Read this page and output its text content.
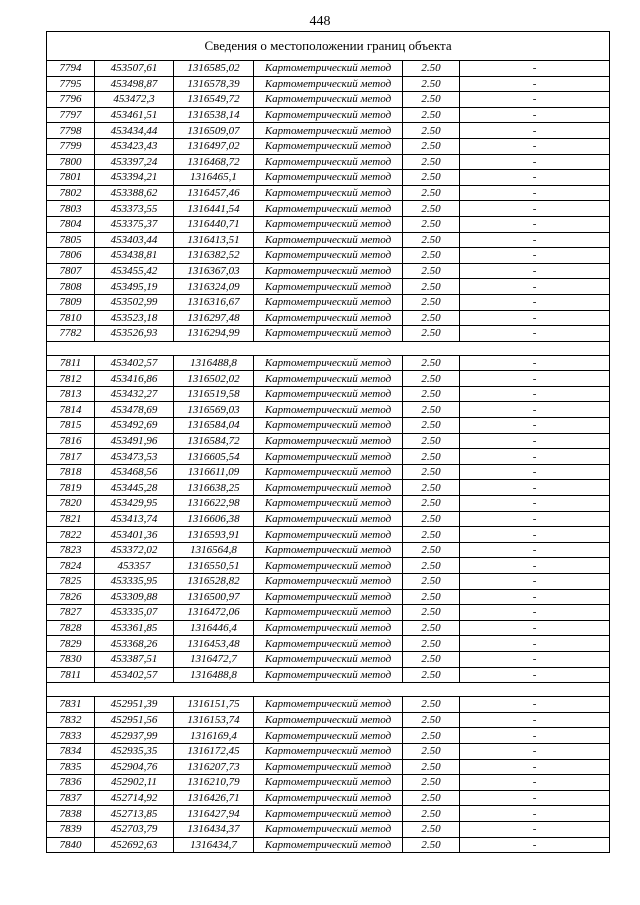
448
Сведения о местоположении границ объекта					
7794	453507,61	1316585,02	Картометрический метод	2.50	-
7795	453498,87	1316578,39	Картометрический метод	2.50	-
7796	453472,3	1316549,72	Картометрический метод	2.50	-
7797	453461,51	1316538,14	Картометрический метод	2.50	-
7798	453434,44	1316509,07	Картометрический метод	2.50	-
7799	453423,43	1316497,02	Картометрический метод	2.50	-
7800	453397,24	1316468,72	Картометрический метод	2.50	-
7801	453394,21	1316465,1	Картометрический метод	2.50	-
7802	453388,62	1316457,46	Картометрический метод	2.50	-
7803	453373,55	1316441,54	Картометрический метод	2.50	-
7804	453375,37	1316440,71	Картометрический метод	2.50	-
7805	453403,44	1316413,51	Картометрический метод	2.50	-
7806	453438,81	1316382,52	Картометрический метод	2.50	-
7807	453455,42	1316367,03	Картометрический метод	2.50	-
7808	453495,19	1316324,09	Картометрический метод	2.50	-
7809	453502,99	1316316,67	Картометрический метод	2.50	-
7810	453523,18	1316297,48	Картометрический метод	2.50	-
7782	453526,93	1316294,99	Картометрический метод	2.50	-

7811	453402,57	1316488,8	Картометрический метод	2.50	-
7812	453416,86	1316502,02	Картометрический метод	2.50	-
7813	453432,27	1316519,58	Картометрический метод	2.50	-
7814	453478,69	1316569,03	Картометрический метод	2.50	-
7815	453492,69	1316584,04	Картометрический метод	2.50	-
7816	453491,96	1316584,72	Картометрический метод	2.50	-
7817	453473,53	1316605,54	Картометрический метод	2.50	-
7818	453468,56	1316611,09	Картометрический метод	2.50	-
7819	453445,28	1316638,25	Картометрический метод	2.50	-
7820	453429,95	1316622,98	Картометрический метод	2.50	-
7821	453413,74	1316606,38	Картометрический метод	2.50	-
7822	453401,36	1316593,91	Картометрический метод	2.50	-
7823	453372,02	1316564,8	Картометрический метод	2.50	-
7824	453357	1316550,51	Картометрический метод	2.50	-
7825	453335,95	1316528,82	Картометрический метод	2.50	-
7826	453309,88	1316500,97	Картометрический метод	2.50	-
7827	453335,07	1316472,06	Картометрический метод	2.50	-
7828	453361,85	1316446,4	Картометрический метод	2.50	-
7829	453368,26	1316453,48	Картометрический метод	2.50	-
7830	453387,51	1316472,7	Картометрический метод	2.50	-
7811	453402,57	1316488,8	Картометрический метод	2.50	-

7831	452951,39	1316151,75	Картометрический метод	2.50	-
7832	452951,56	1316153,74	Картометрический метод	2.50	-
7833	452937,99	1316169,4	Картометрический метод	2.50	-
7834	452935,35	1316172,45	Картометрический метод	2.50	-
7835	452904,76	1316207,73	Картометрический метод	2.50	-
7836	452902,11	1316210,79	Картометрический метод	2.50	-
7837	452714,92	1316426,71	Картометрический метод	2.50	-
7838	452713,85	1316427,94	Картометрический метод	2.50	-
7839	452703,79	1316434,37	Картометрический метод	2.50	-
7840	452692,63	1316434,7	Картометрический метод	2.50	-
